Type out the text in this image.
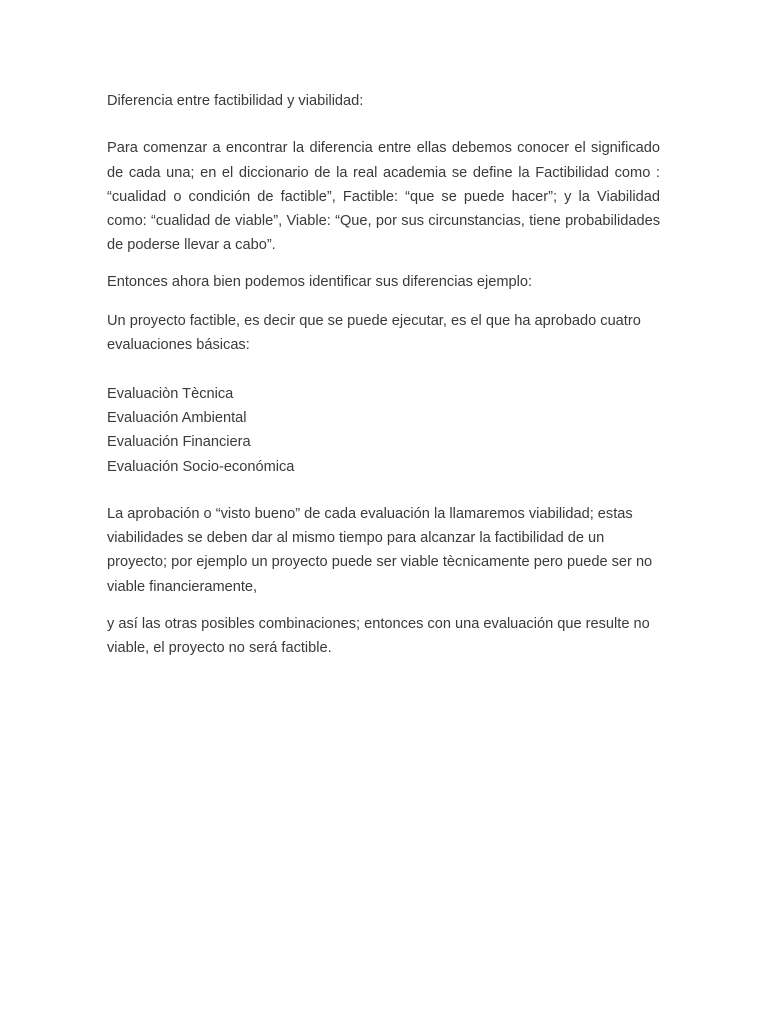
Diferencia entre factibilidad y viabilidad:

Para comenzar a encontrar la diferencia entre ellas debemos conocer el significado de cada una; en el diccionario de la real academia se define la Factibilidad como : “cualidad o condición de factible”, Factible: “que se puede hacer”; y la Viabilidad como: “cualidad de viable”, Viable: “Que, por sus circunstancias, tiene probabilidades de poderse llevar a cabo”.

Entonces ahora bien podemos identificar sus diferencias ejemplo:

Un proyecto factible, es decir que se puede ejecutar, es el que ha aprobado cuatro evaluaciones básicas:

Evaluaciòn Tècnica
Evaluación Ambiental
Evaluación Financiera
Evaluación Socio-económica

La aprobación o “visto bueno” de cada evaluación la llamaremos viabilidad; estas viabilidades se deben dar al mismo tiempo para alcanzar la factibilidad de un proyecto; por ejemplo un proyecto puede ser viable tècnicamente pero puede ser no viable financieramente,

y así las otras posibles combinaciones; entonces con una evaluación que resulte no viable, el proyecto no será factible.
